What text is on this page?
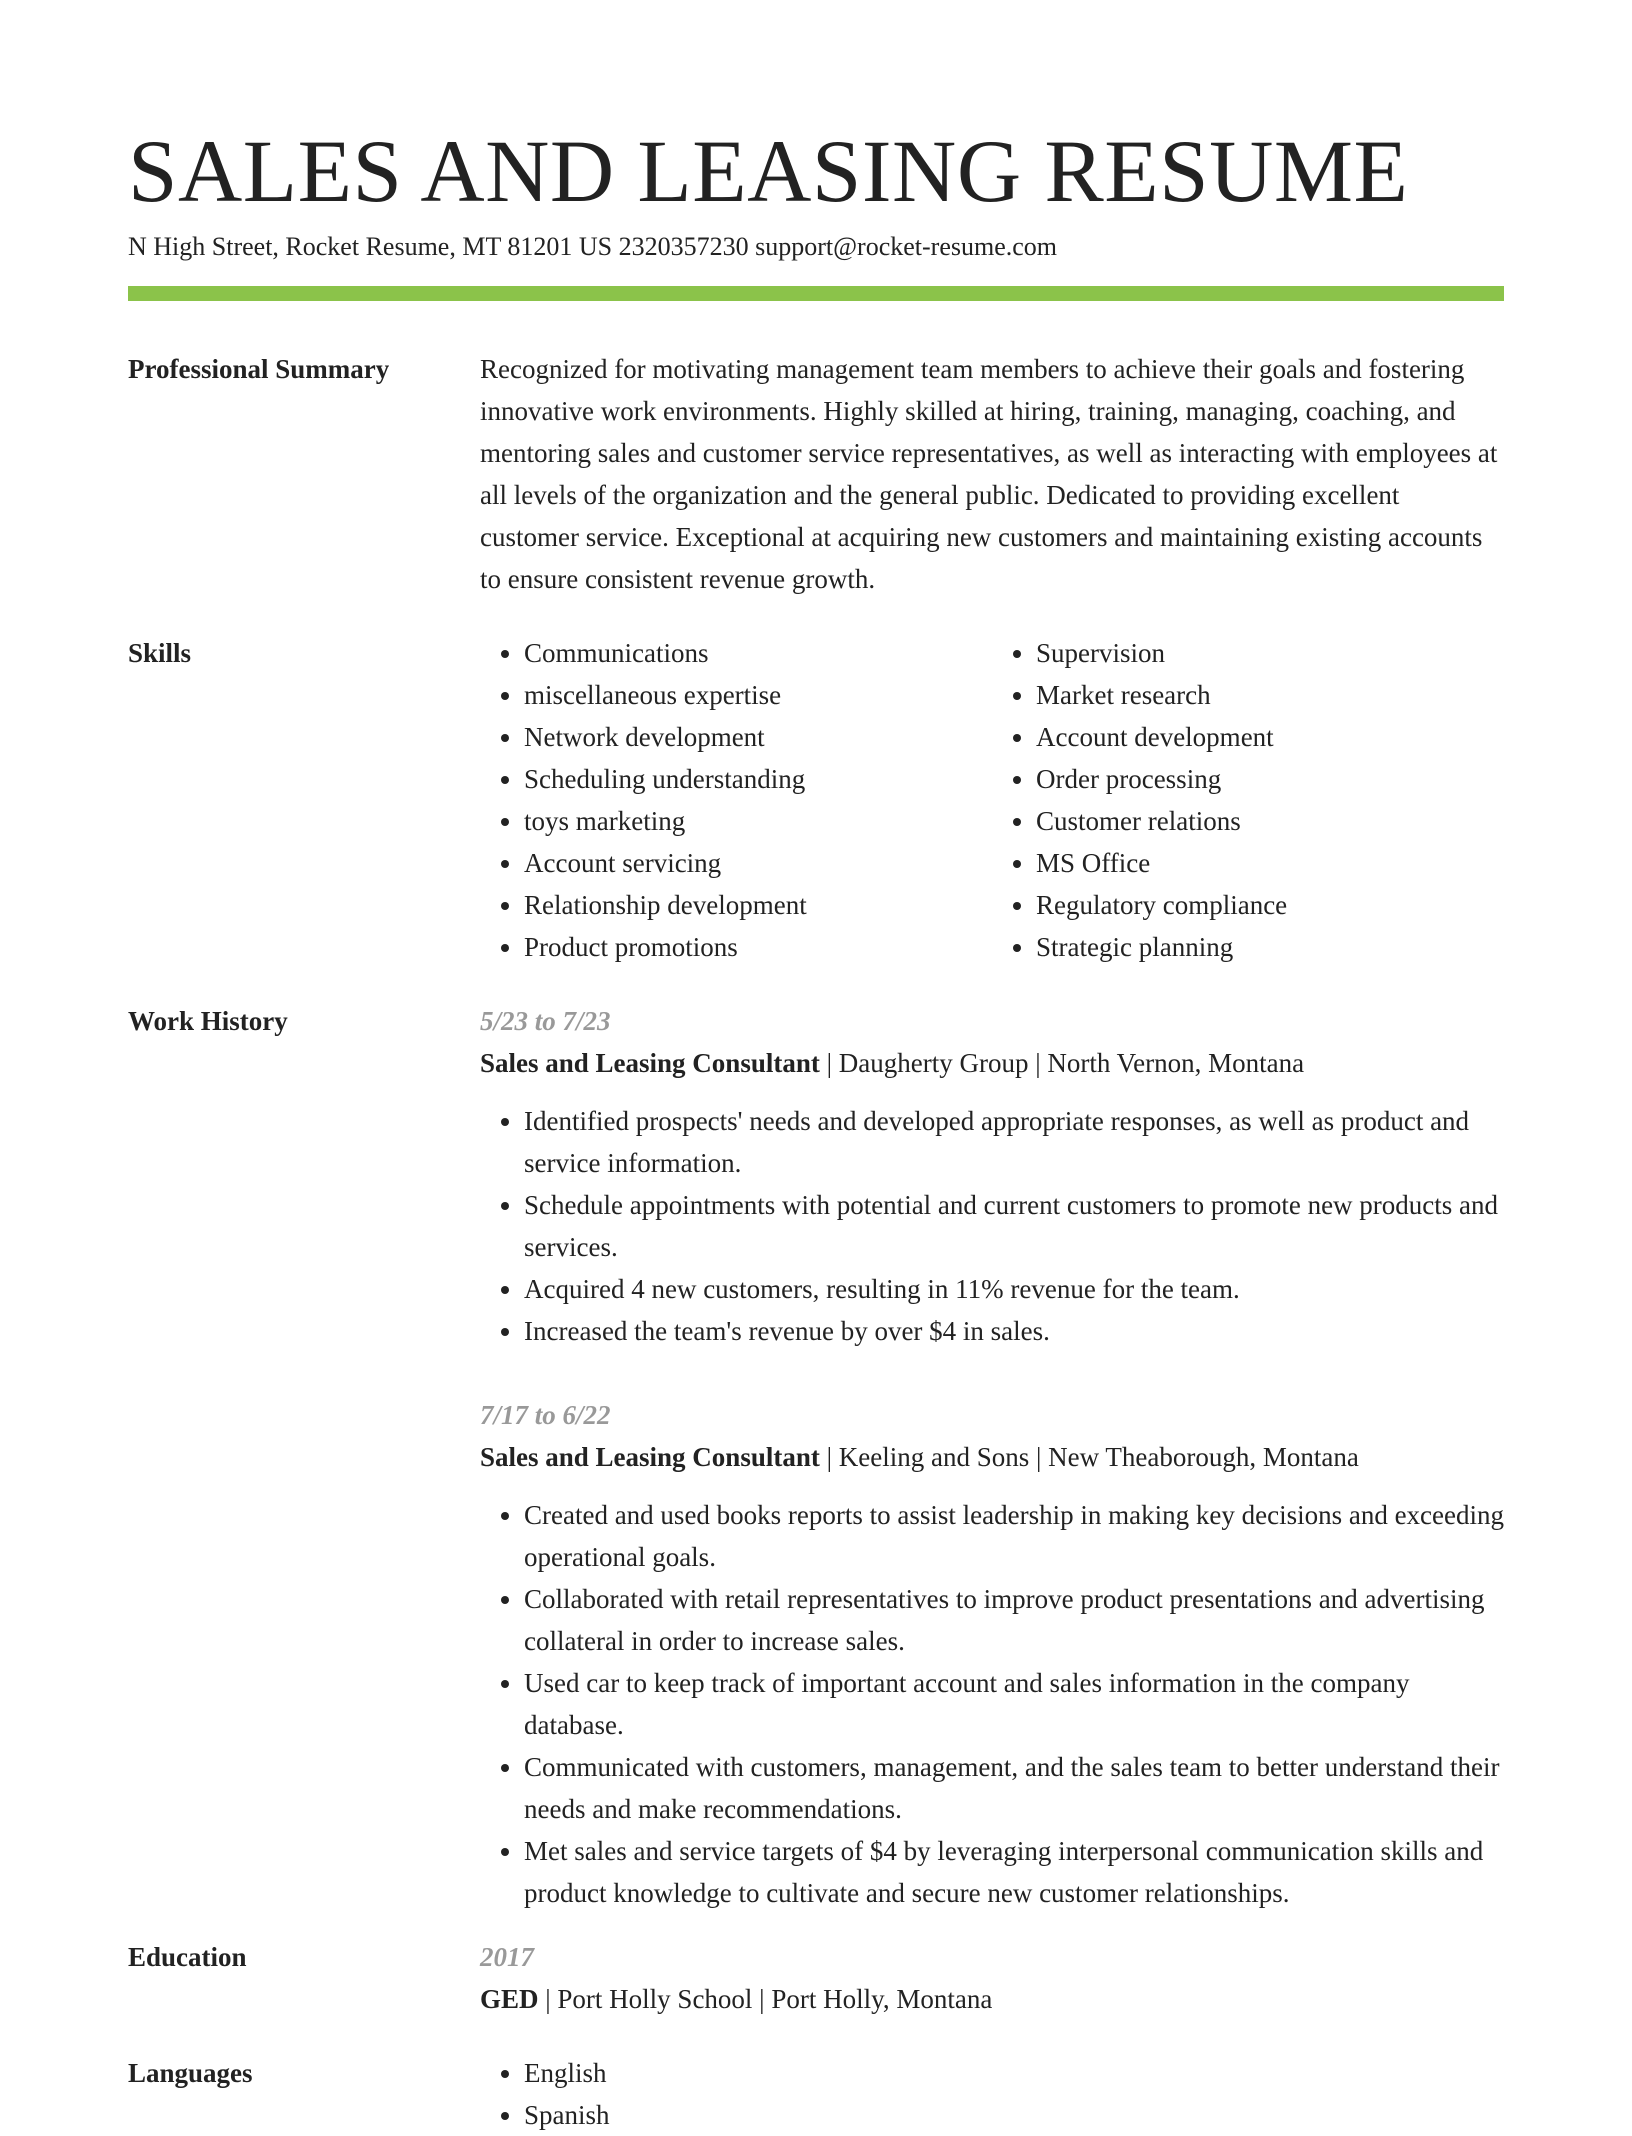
SALES AND LEASING RESUME
N High Street, Rocket Resume, MT 81201 US 2320357230 support@rocket-resume.com
Professional Summary	Recognized for motivating management team members to achieve their goals and fostering innovative work environments. Highly skilled at hiring, training, managing, coaching, and mentoring sales and customer service representatives, as well as interacting with employees at all levels of the organization and the general public. Dedicated to providing excellent customer service. Exceptional at acquiring new customers and maintaining existing accounts to ensure consistent revenue growth.

Skills	• Communications
• miscellaneous expertise
• Network development
• Scheduling understanding
• toys marketing
• Account servicing
• Relationship development
• Product promotions
• Supervision
• Market research
• Account development
• Order processing
• Customer relations
• MS Office
• Regulatory compliance
• Strategic planning
Work History	5/23 to 7/23
Sales and Leasing Consultant | Daugherty Group | North Vernon, Montana
• Identified prospects' needs and developed appropriate responses, as well as product and service information.
• Schedule appointments with potential and current customers to promote new products and services.
• Acquired 4 new customers, resulting in 11% revenue for the team.
• Increased the team's revenue by over $4 in sales.
7/17 to 6/22
Sales and Leasing Consultant | Keeling and Sons | New Theaborough, Montana
• Created and used books reports to assist leadership in making key decisions and exceeding operational goals.
• Collaborated with retail representatives to improve product presentations and advertising collateral in order to increase sales.
• Used car to keep track of important account and sales information in the company database.
• Communicated with customers, management, and the sales team to better understand their needs and make recommendations.
• Met sales and service targets of $4 by leveraging interpersonal communication skills and product knowledge to cultivate and secure new customer relationships.
Education	2017
GED | Port Holly School | Port Holly, Montana
Languages	• English
• Spanish
